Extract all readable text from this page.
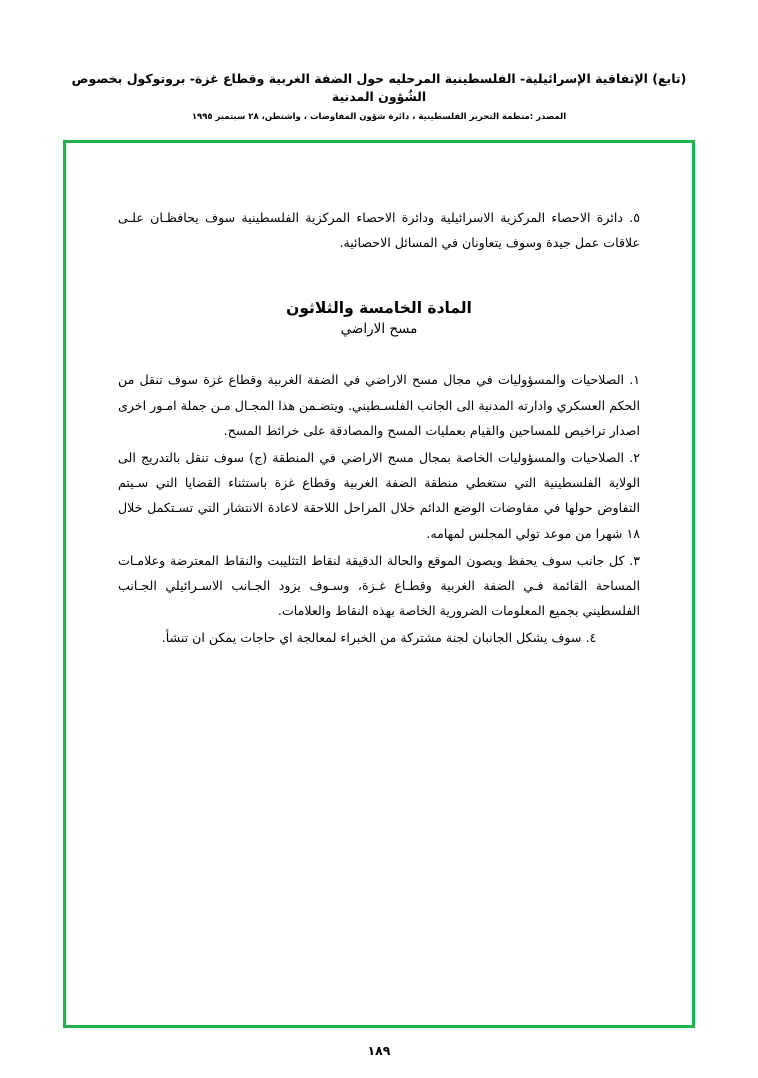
(تابع) الإتفاقية الإسرائيلية- الفلسطينية المرحليه حول الضفة الغربية وقطاع غزة- بروتوكول بخصوص الشُؤون المدنية
المصدر :منظمة التحرير الفلسطينية ، دائرة شؤون المفاوضات ، واشنطن، ٢٨ سبتمبر ١٩٩٥
٥. دائرة الاحصاء المركزية الاسرائيلية ودائرة الاحصاء المركزية الفلسطينية سوف يحافظـان علـى علاقات عمل جيدة وسوف يتعاونان في المسائل الاحصائية.
المادة الخامسة والثلاثون
مسح الاراضي
١. الصلاحيات والمسؤوليات في مجال مسح الاراضي في الضفة الغربية وقطاع غزة سوف تنقل من الحكم العسكري وادارته المدنية الى الجانب الفلسـطيني. ويتضـمن هذا المجـال مـن جملة امـور اخرى اصدار تراخيص للمساحين والقيام بعمليات المسح والمصادقة على خرائط المسح.
٢. الصلاحيات والمسؤوليات الخاصة بمجال مسح الاراضي في المنطقة (ج) سوف تنقل بالتدريج الى الولاية الفلسطينية التي ستغطي منطقة الضفة الغربية وقطاع غزة باستثناء القضايا التي سـيتم التفاوض حولها في مفاوضات الوضع الدائم خلال المراحل اللاحقة لاعادة الانتشار التي تسـتكمل خلال ١٨ شهرا من موعد تولي المجلس لمهامه.
٣. كل جانب سوف يحفظ ويصون الموقع والحالة الدقيقة لنقاط التثليبت والنقاط المعترضة وعلامـات المساحة القائمة فـي الضفة الغربية وقطـاع غـزة، وسـوف يزود الجـانب الاسـرائيلي الجـانب الفلسطيني بجميع المعلومات الضرورية الخاصة بهذه النقاط والعلامات.
٤. سوف يشكل الجانبان لجنة مشتركة من الخبراء لمعالجة اي حاجات يمكن ان تنشأ.
١٨٩
